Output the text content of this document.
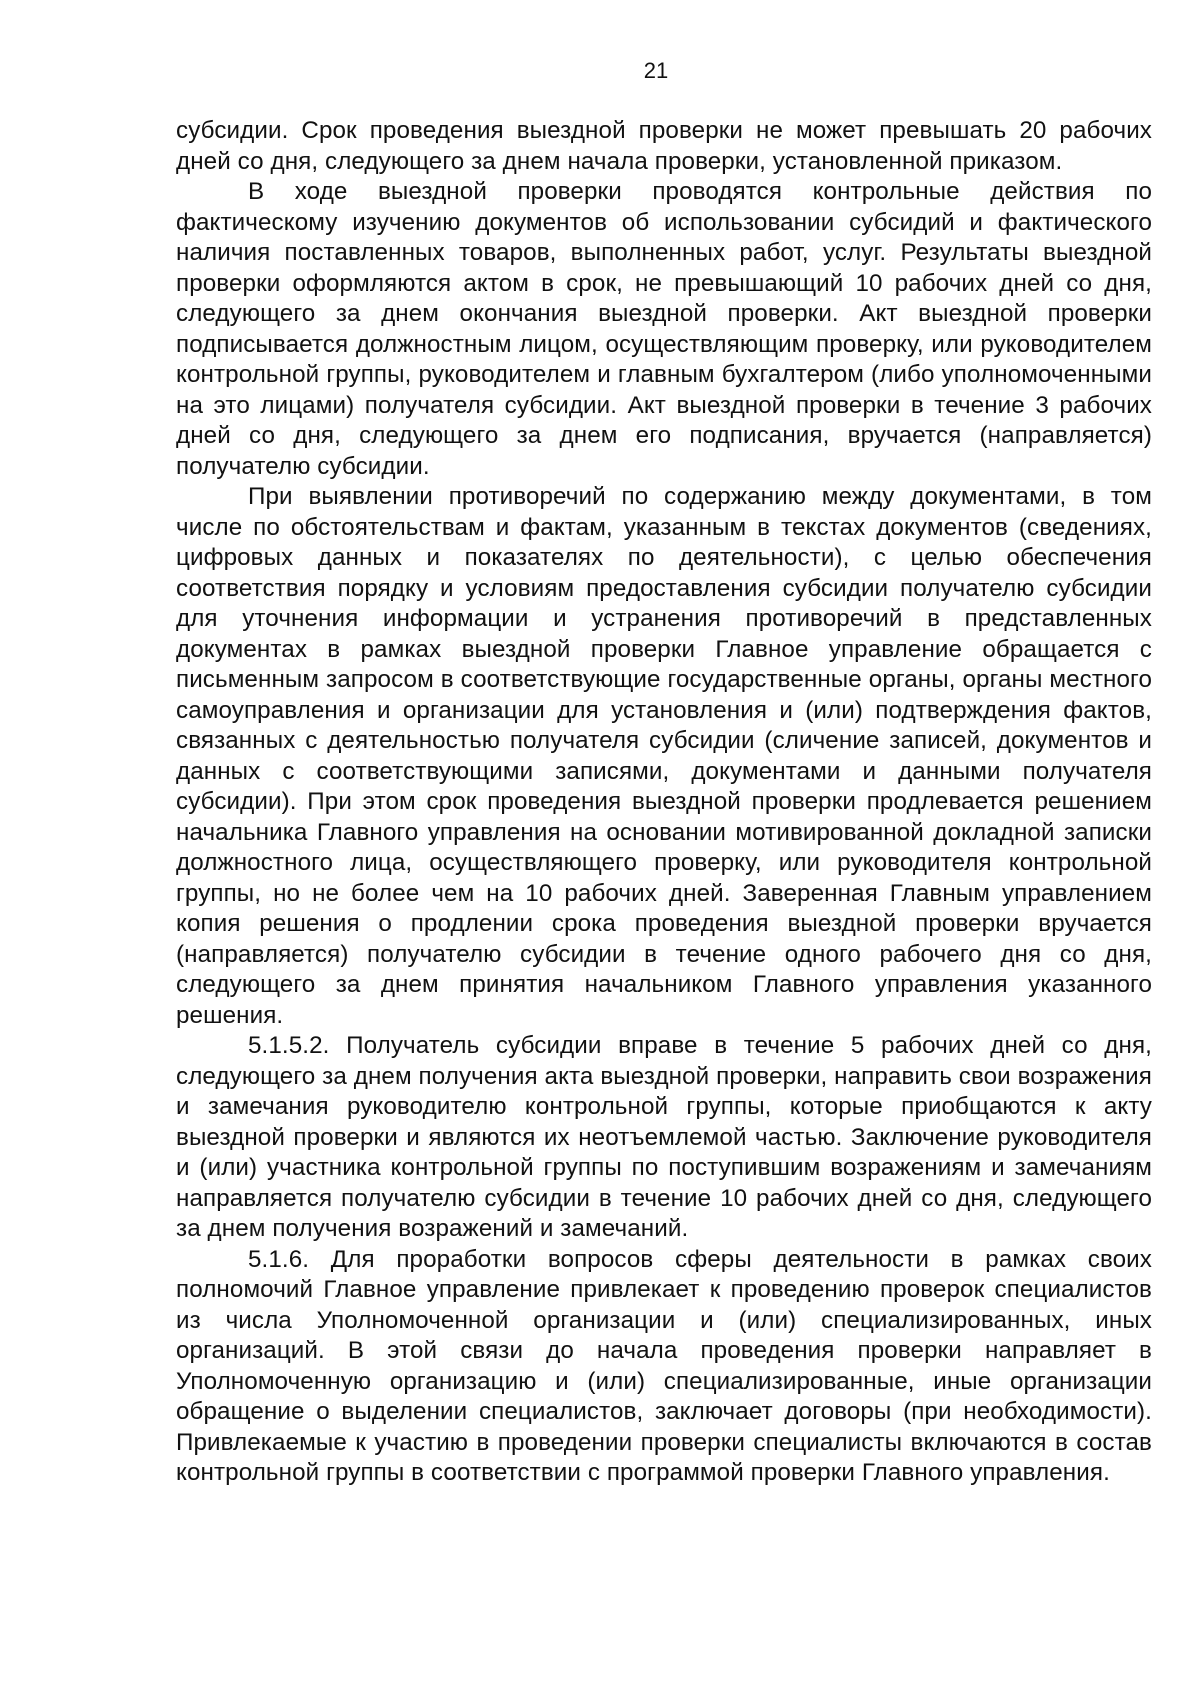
21

субсидии. Срок проведения выездной проверки не может превышать 20 рабочих дней со дня, следующего за днем начала проверки, установленной приказом.

В ходе выездной проверки проводятся контрольные действия по фактическому изучению документов об использовании субсидий и фактического наличия поставленных товаров, выполненных работ, услуг. Результаты выездной проверки оформляются актом в срок, не превышающий 10 рабочих дней со дня, следующего за днем окончания выездной проверки. Акт выездной проверки подписывается должностным лицом, осуществляющим проверку, или руководителем контрольной группы, руководителем и главным бухгалтером (либо уполномоченными на это лицами) получателя субсидии. Акт выездной проверки в течение 3 рабочих дней со дня, следующего за днем его подписания, вручается (направляется) получателю субсидии.

При выявлении противоречий по содержанию между документами, в том числе по обстоятельствам и фактам, указанным в текстах документов (сведениях, цифровых данных и показателях по деятельности), с целью обеспечения соответствия порядку и условиям предоставления субсидии получателю субсидии для уточнения информации и устранения противоречий в представленных документах в рамках выездной проверки Главное управление обращается с письменным запросом в соответствующие государственные органы, органы местного самоуправления и организации для установления и (или) подтверждения фактов, связанных с деятельностью получателя субсидии (сличение записей, документов и данных с соответствующими записями, документами и данными получателя субсидии). При этом срок проведения выездной проверки продлевается решением начальника Главного управления на основании мотивированной докладной записки должностного лица, осуществляющего проверку, или руководителя контрольной группы, но не более чем на 10 рабочих дней. Заверенная Главным управлением копия решения о продлении срока проведения выездной проверки вручается (направляется) получателю субсидии в течение одного рабочего дня со дня, следующего за днем принятия начальником Главного управления указанного решения.

5.1.5.2. Получатель субсидии вправе в течение 5 рабочих дней со дня, следующего за днем получения акта выездной проверки, направить свои возражения и замечания руководителю контрольной группы, которые приобщаются к акту выездной проверки и являются их неотъемлемой частью. Заключение руководителя и (или) участника контрольной группы по поступившим возражениям и замечаниям направляется получателю субсидии в течение 10 рабочих дней со дня, следующего за днем получения возражений и замечаний.

5.1.6. Для проработки вопросов сферы деятельности в рамках своих полномочий Главное управление привлекает к проведению проверок специалистов из числа Уполномоченной организации и (или) специализированных, иных организаций. В этой связи до начала проведения проверки направляет в Уполномоченную организацию и (или) специализированные, иные организации обращение о выделении специалистов, заключает договоры (при необходимости). Привлекаемые к участию в проведении проверки специалисты включаются в состав контрольной группы в соответствии с программой проверки Главного управления.
